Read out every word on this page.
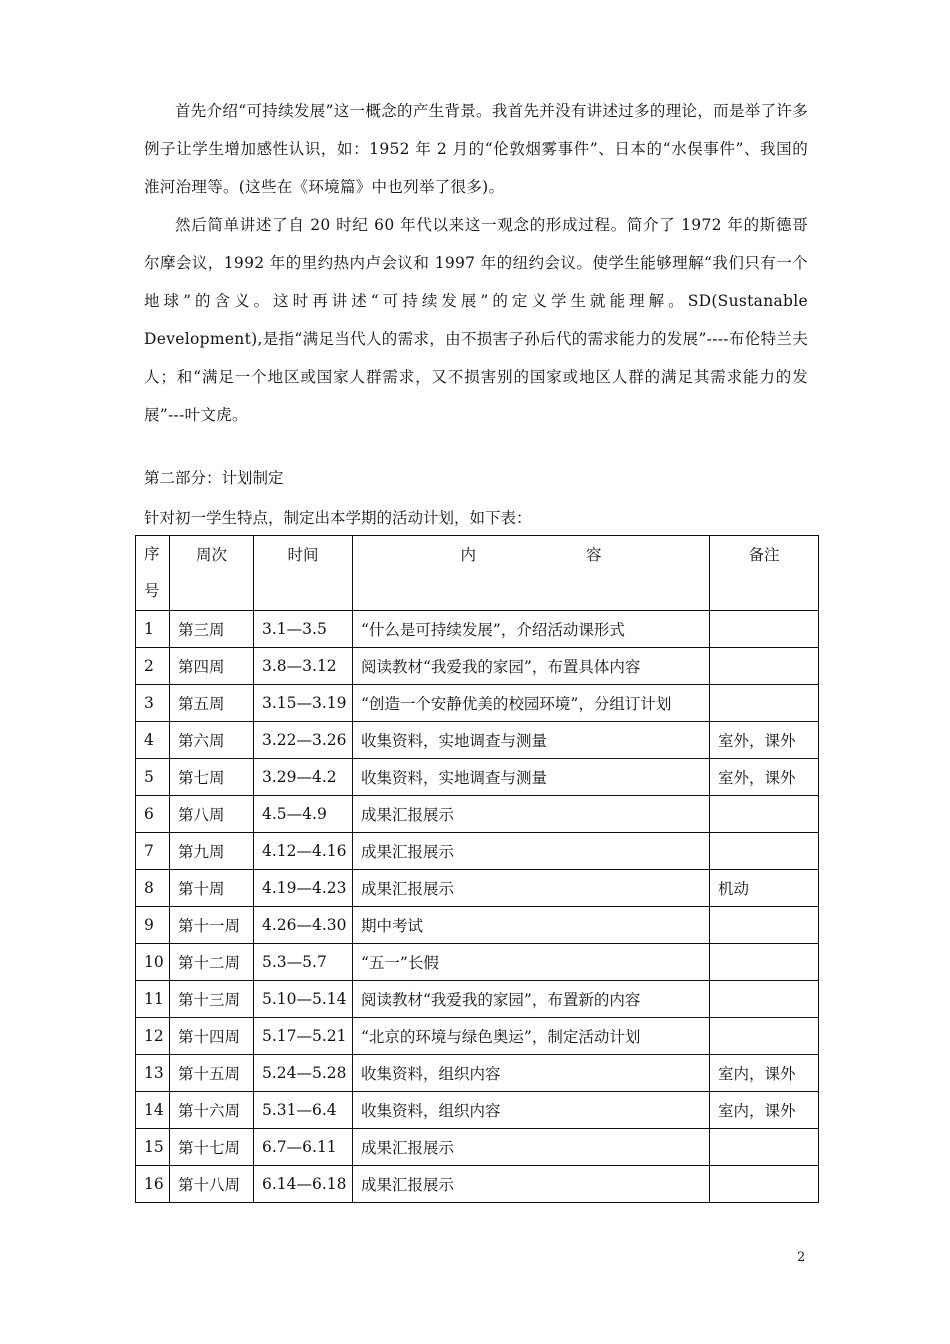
首先介绍“可持续发展”这一概念的产生背景。我首先并没有讲述过多的理论，而是举了许多例子让学生增加感性认识，如：1952 年 2 月的“伦敦烟雾事件”、日本的“水俣事件”、我国的淮河治理等。(这些在《环境篇》中也列举了很多)。

然后简单讲述了自 20 时纪 60 年代以来这一观念的形成过程。简介了 1972 年的斯德哥尔摩会议，1992 年的里约热内卢会议和 1997 年的纽约会议。使学生能够理解“我们只有一个地球”的含义。这时再讲述“可持续发展”的定义学生就能理解。SD(Sustanable Development),是指“满足当代人的需求，由不损害子孙后代的需求能力的发展”----布伦特兰夫人；和“满足一个地区或国家人群需求，又不损害别的国家或地区人群的满足其需求能力的发展”---叶文虎。

第二部分：计划制定

针对初一学生特点，制定出本学期的活动计划，如下表：

序号	周次	时间	内 容	备注
1	第三周	3.1—3.5	“什么是可持续发展”，介绍活动课形式	
2	第四周	3.8—3.12	阅读教材“我爱我的家园”，布置具体内容	
3	第五周	3.15—3.19	“创造一个安静优美的校园环境”，分组订计划	
4	第六周	3.22—3.26	收集资料，实地调查与测量	室外，课外
5	第七周	3.29—4.2	收集资料，实地调查与测量	室外，课外
6	第八周	4.5—4.9	成果汇报展示	
7	第九周	4.12—4.16	成果汇报展示	
8	第十周	4.19—4.23	成果汇报展示	机动
9	第十一周	4.26—4.30	期中考试	
10	第十二周	5.3—5.7	“五一”长假	
11	第十三周	5.10—5.14	阅读教材“我爱我的家园”，布置新的内容	
12	第十四周	5.17—5.21	“北京的环境与绿色奥运”，制定活动计划	
13	第十五周	5.24—5.28	收集资料，组织内容	室内，课外
14	第十六周	5.31—6.4	收集资料，组织内容	室内，课外
15	第十七周	6.7—6.11	成果汇报展示	
16	第十八周	6.14—6.18	成果汇报展示	
2
